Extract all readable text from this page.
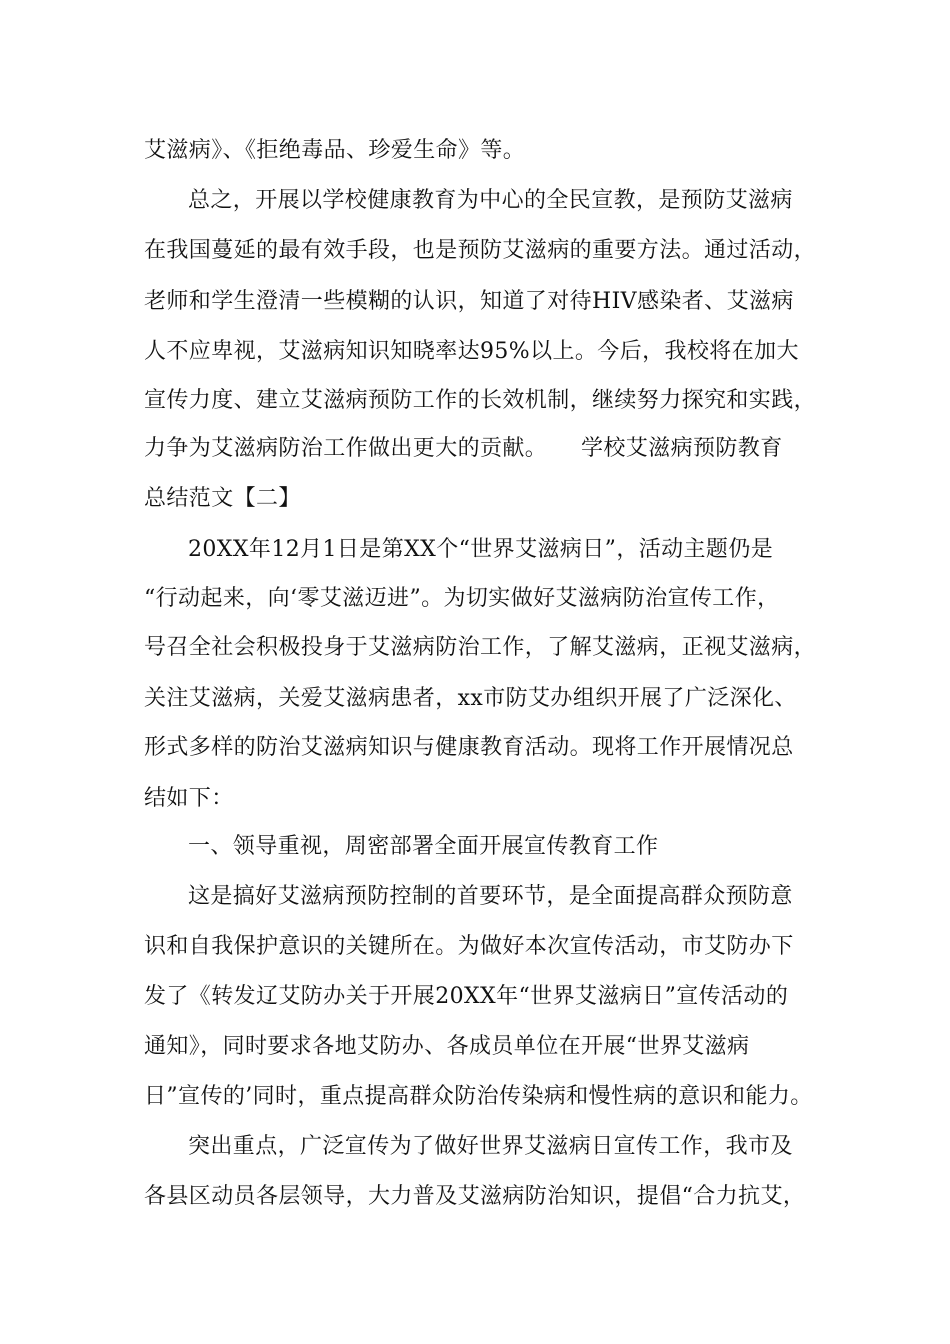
艾滋病》、《拒绝毒品、珍爱生命》等。
总之，开展以学校健康教育为中心的全民宣教，是预防艾滋病
在我国蔓延的最有效手段，也是预防艾滋病的重要方法。通过活动，
老师和学生澄清一些模糊的认识，知道了对待HIV感染者、艾滋病
人不应卑视，艾滋病知识知晓率达95%以上。今后，我校将在加大
宣传力度、建立艾滋病预防工作的长效机制，继续努力探究和实践，
力争为艾滋病防治工作做出更大的贡献。　　学校艾滋病预防教育
总结范文【二】
20XX年12月1日是第XX个“世界艾滋病日”，活动主题仍是
“行动起来，向‘零艾滋迈进”。为切实做好艾滋病防治宣传工作，
号召全社会积极投身于艾滋病防治工作，了解艾滋病，正视艾滋病，
关注艾滋病，关爱艾滋病患者，xx市防艾办组织开展了广泛深化、
形式多样的防治艾滋病知识与健康教育活动。现将工作开展情况总
结如下：
一、领导重视，周密部署全面开展宣传教育工作
这是搞好艾滋病预防控制的首要环节，是全面提高群众预防意
识和自我保护意识的关键所在。为做好本次宣传活动，市艾防办下
发了《转发辽艾防办关于开展20XX年“世界艾滋病日”宣传活动的
通知》，同时要求各地艾防办、各成员单位在开展“世界艾滋病
日”宣传的’同时，重点提高群众防治传染病和慢性病的意识和能力。
突出重点，广泛宣传为了做好世界艾滋病日宣传工作，我市及
各县区动员各层领导，大力普及艾滋病防治知识，提倡“合力抗艾，
